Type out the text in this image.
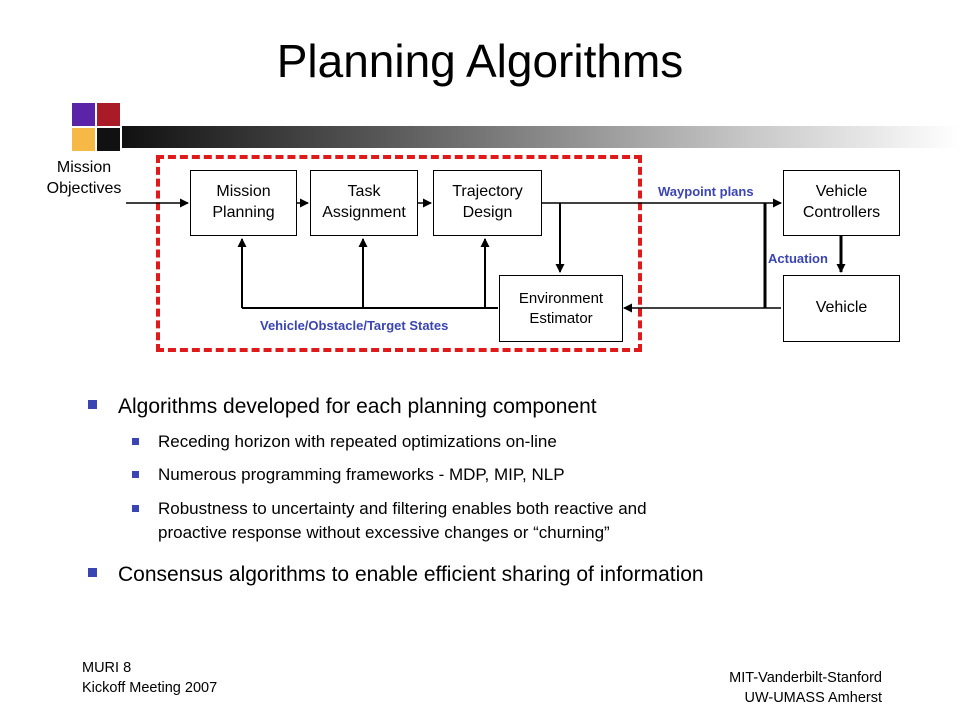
Planning Algorithms
Mission
Objectives	Mission
Planning
Task
Assignment
Trajectory
Design
Environment
Estimator
Vehicle
Controllers
Vehicle
Waypoint plans
Actuation
Vehicle/Obstacle/Target States
Algorithms developed for each planning component
Receding horizon with repeated optimizations on-line
Numerous programming frameworks - MDP, MIP, NLP
Robustness to uncertainty and filtering enables both reactive and
proactive response without excessive changes or “churning”
Consensus algorithms to enable efficient sharing of information
MURI 8
Kickoff Meeting 2007
MIT-Vanderbilt-Stanford
UW-UMASS Amherst
